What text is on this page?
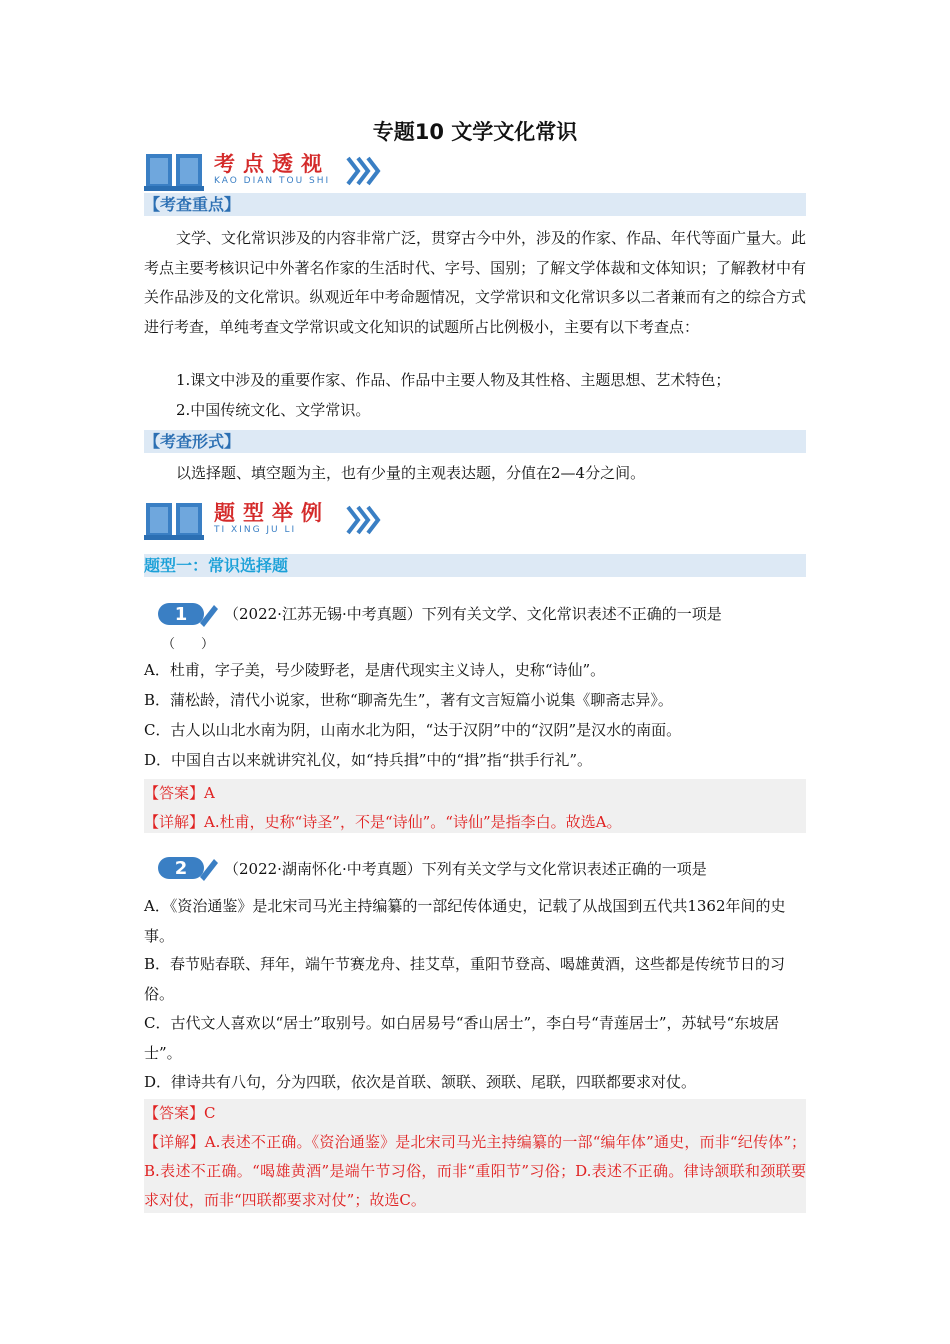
专题10 文学文化常识
考点透视
KAO DIAN TOU SHI
【考查重点】
文学、文化常识涉及的内容非常广泛，贯穿古今中外，涉及的作家、作品、年代等面广量大。此考点主要考核识记中外著名作家的生活时代、字号、国别；了解文学体裁和文体知识；了解教材中有关作品涉及的文化常识。纵观近年中考命题情况，文学常识和文化常识多以二者兼而有之的综合方式进行考查，单纯考查文学常识或文化知识的试题所占比例极小，主要有以下考查点：
1.课文中涉及的重要作家、作品、作品中主要人物及其性格、主题思想、艺术特色；
2.中国传统文化、文学常识。
【考查形式】
以选择题、填空题为主，也有少量的主观表达题，分值在2—4分之间。
题型举例
TI XING JU LI
题型一：常识选择题
1 （2022·江苏无锡·中考真题）下列有关文学、文化常识表述不正确的一项是
（　　）
A．杜甫，字子美，号少陵野老，是唐代现实主义诗人，史称“诗仙”。
B．蒲松龄，清代小说家，世称“聊斋先生”，著有文言短篇小说集《聊斋志异》。
C．古人以山北水南为阴，山南水北为阳，“达于汉阴”中的“汉阴”是汉水的南面。
D．中国自古以来就讲究礼仪，如“持兵揖”中的“揖”指“拱手行礼”。
【答案】A
【详解】A.杜甫，史称“诗圣”，不是“诗仙”。“诗仙”是指李白。故选A。
2 （2022·湖南怀化·中考真题）下列有关文学与文化常识表述正确的一项是
A．《资治通鉴》是北宋司马光主持编纂的一部纪传体通史，记载了从战国到五代共1362年间的史事。
B．春节贴春联、拜年，端午节赛龙舟、挂艾草，重阳节登高、喝雄黄酒，这些都是传统节日的习俗。
C．古代文人喜欢以“居士”取别号。如白居易号“香山居士”，李白号“青莲居士”，苏轼号“东坡居士”。
D．律诗共有八句，分为四联，依次是首联、颔联、颈联、尾联，四联都要求对仗。
【答案】C
【详解】A.表述不正确。《资治通鉴》是北宋司马光主持编纂的一部“编年体”通史，而非“纪传体”；B.表述不正确。“喝雄黄酒”是端午节习俗，而非“重阳节”习俗；D.表述不正确。律诗颔联和颈联要求对仗，而非“四联都要求对仗”；故选C。
